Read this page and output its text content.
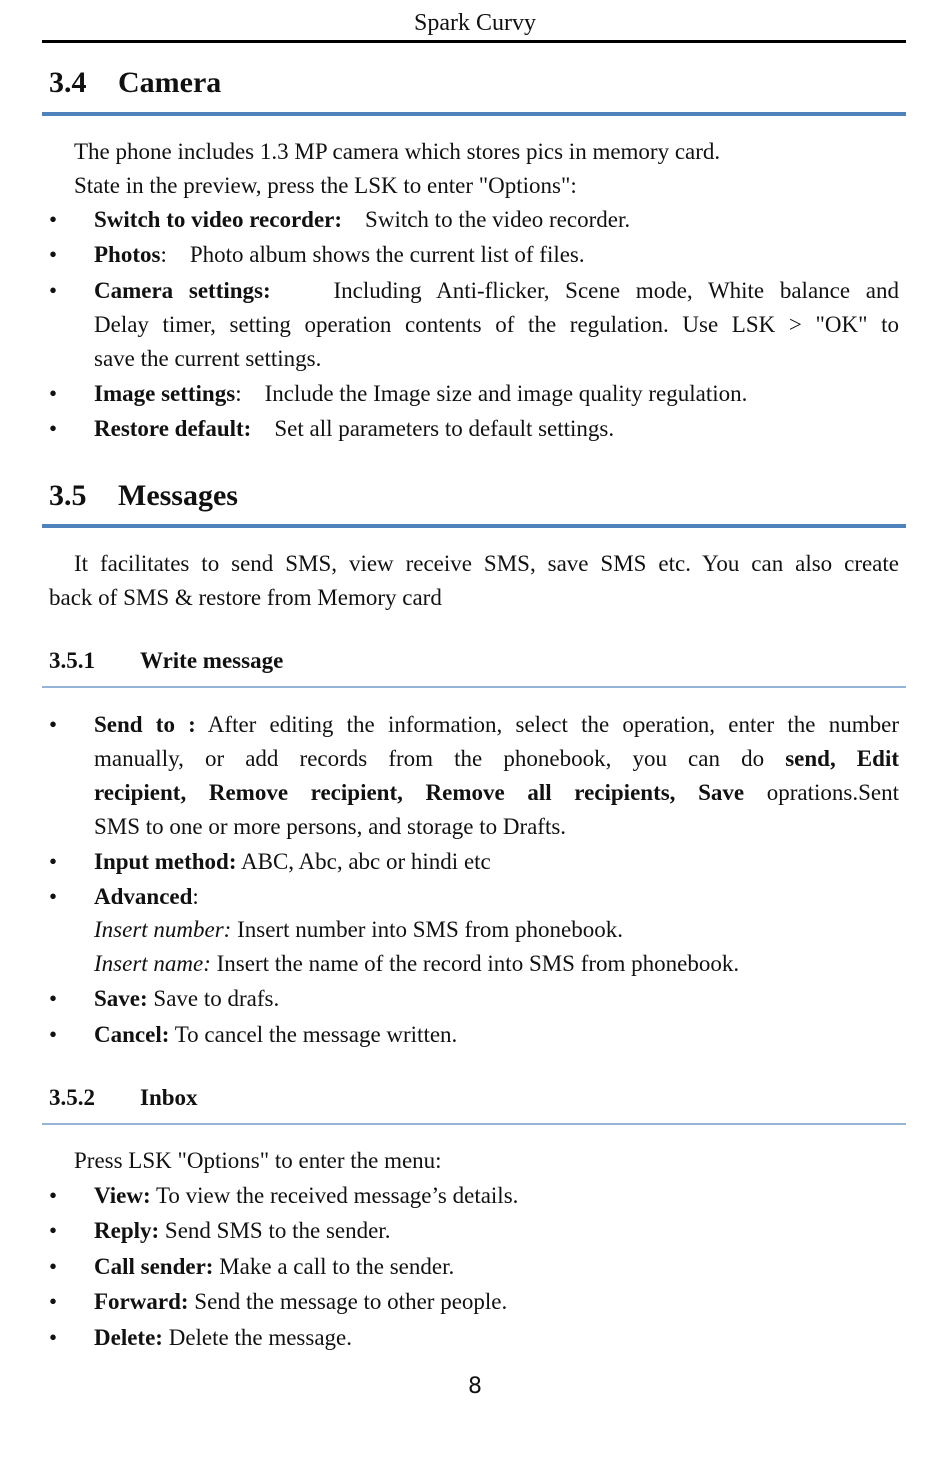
Spark Curvy
3.4 Camera
The phone includes 1.3 MP camera which stores pics in memory card.
State in the preview, press the LSK to enter "Options":
•	Switch to video recorder: Switch to the video recorder.
•	Photos: Photo album shows the current list of files.
•	Camera settings:	Including Anti-flicker, Scene mode, White balance and
Delay timer, setting operation contents of the regulation. Use LSK > "OK" to
save the current settings.
•	Image settings: Include the Image size and image quality regulation.
•	Restore default: Set all parameters to default settings.
3.5 Messages
It facilitates to send SMS, view receive SMS, save SMS etc. You can also create
back of SMS & restore from Memory card
3.5.1 Write message
•	Send to : After editing the information, select the operation, enter the number
manually, or add records from the phonebook, you can do send, Edit
recipient, Remove recipient, Remove all recipients, Save oprations.Sent
SMS to one or more persons, and storage to Drafts.
•	Input method: ABC, Abc, abc or hindi etc
•	Advanced:
Insert number: Insert number into SMS from phonebook.
Insert name: Insert the name of the record into SMS from phonebook.
•	Save: Save to drafs.
•	Cancel: To cancel the message written.
3.5.2 Inbox
Press LSK "Options" to enter the menu:
•	View: To view the received message’s details.
•	Reply: Send SMS to the sender.
•	Call sender: Make a call to the sender.
•	Forward: Send the message to other people.
•	Delete: Delete the message.
8
